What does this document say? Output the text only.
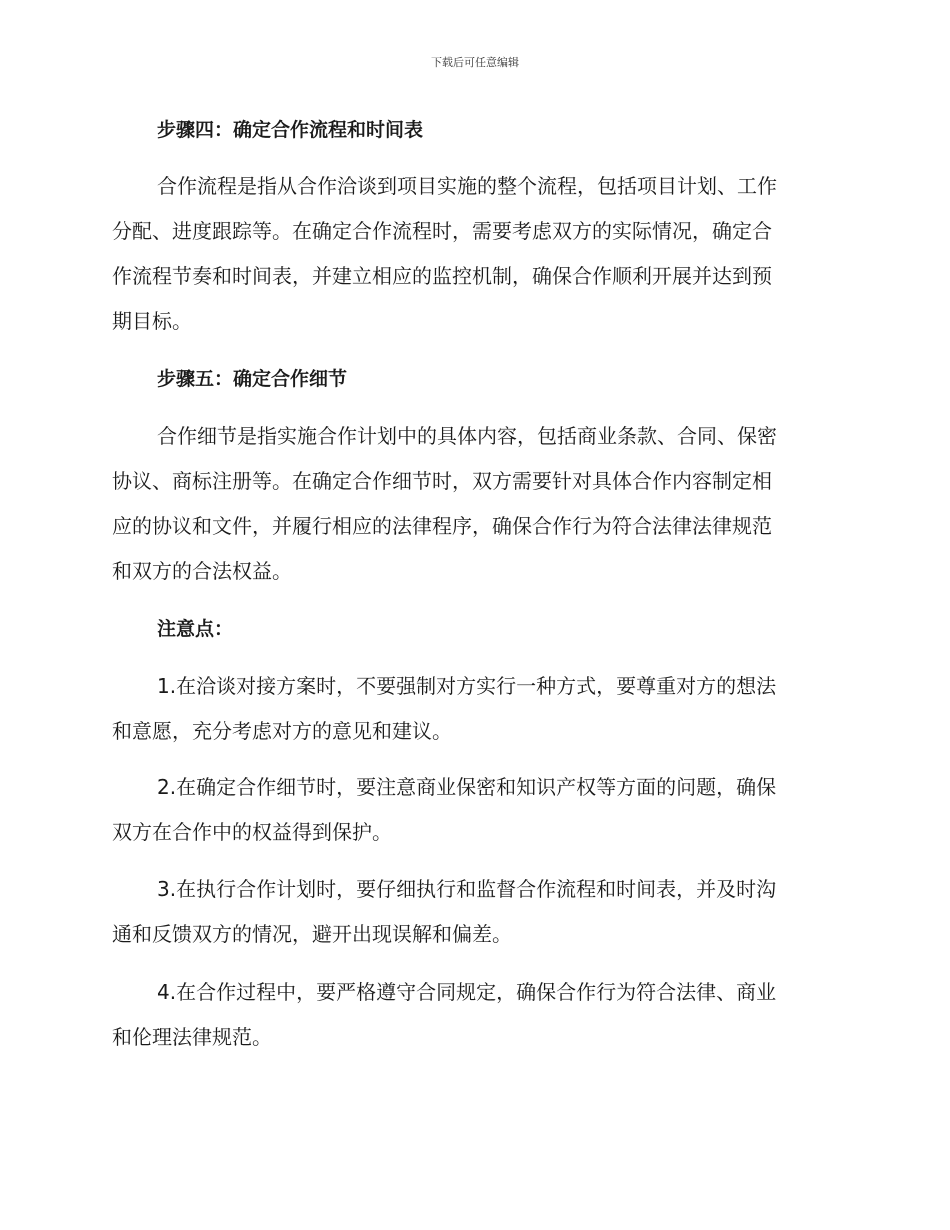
下载后可任意编辑
步骤四：确定合作流程和时间表
合作流程是指从合作洽谈到项目实施的整个流程，包括项目计划、工作
分配、进度跟踪等。在确定合作流程时，需要考虑双方的实际情况，确定合
作流程节奏和时间表，并建立相应的监控机制，确保合作顺利开展并达到预
期目标。
步骤五：确定合作细节
合作细节是指实施合作计划中的具体内容，包括商业条款、合同、保密
协议、商标注册等。在确定合作细节时，双方需要针对具体合作内容制定相
应的协议和文件，并履行相应的法律程序，确保合作行为符合法律法律规范
和双方的合法权益。
注意点：
1.在洽谈对接方案时，不要强制对方实行一种方式，要尊重对方的想法
和意愿，充分考虑对方的意见和建议。
2.在确定合作细节时，要注意商业保密和知识产权等方面的问题，确保
双方在合作中的权益得到保护。
3.在执行合作计划时，要仔细执行和监督合作流程和时间表，并及时沟
通和反馈双方的情况，避开出现误解和偏差。
4.在合作过程中，要严格遵守合同规定，确保合作行为符合法律、商业
和伦理法律规范。
